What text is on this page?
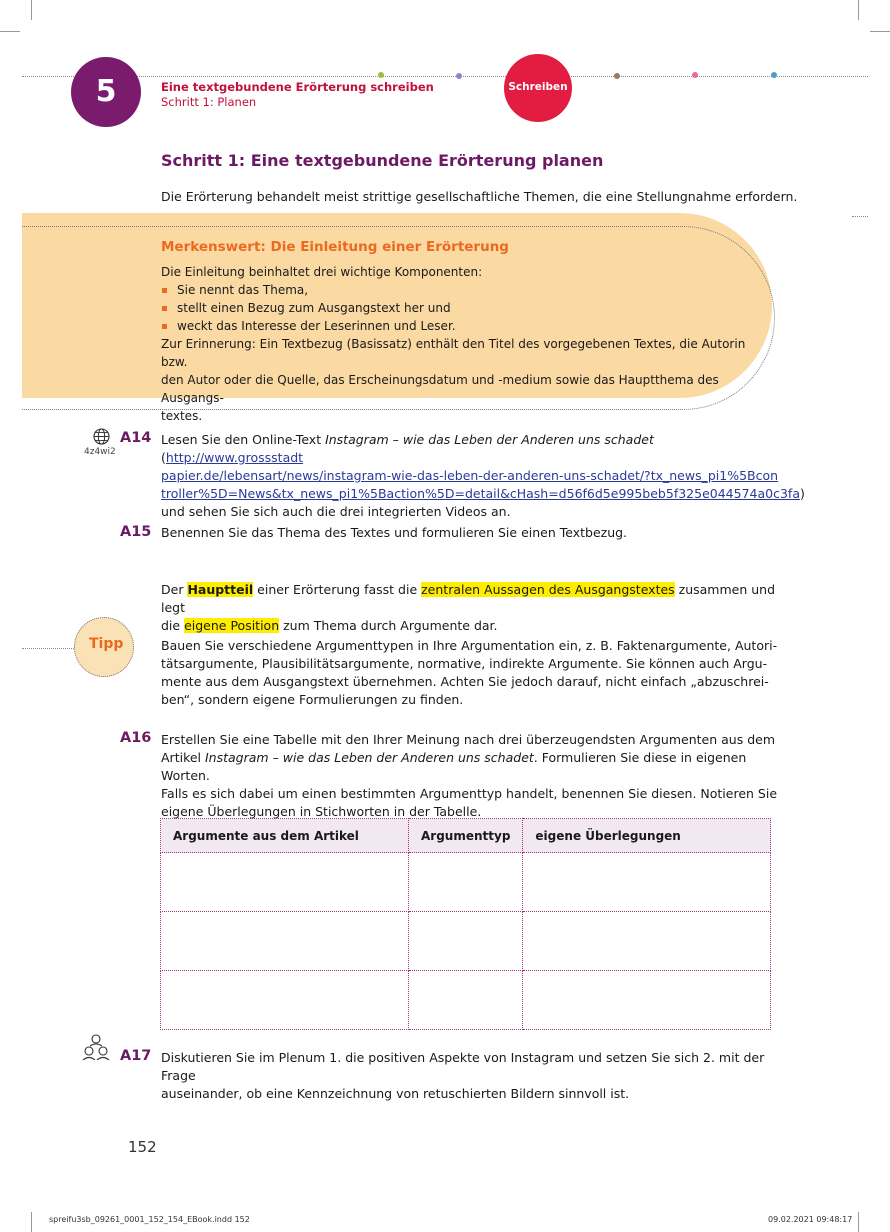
5	Eine textgebundene Erörterung schreiben
Schritt 1: Planen
Schreiben
Schritt 1: Eine textgebundene Erörterung planen
Die Erörterung behandelt meist strittige gesellschaftliche Themen, die eine Stellungnahme erfordern.
Merkenswert: Die Einleitung einer Erörterung
Die Einleitung beinhaltet drei wichtige Komponenten:
Sie nennt das Thema,
stellt einen Bezug zum Ausgangstext her und
weckt das Interesse der Leserinnen und Leser.
Zur Erinnerung: Ein Textbezug (Basissatz) enthält den Titel des vorgegebenen Textes, die Autorin bzw.
den Autor oder die Quelle, das Erscheinungsdatum und -medium sowie das Hauptthema des Ausgangs-
textes.
4z4wi2
A14 Lesen Sie den Online-Text Instagram – wie das Leben der Anderen uns schadet (http://www.grossstadt
papier.de/lebensart/news/instagram-wie-das-leben-der-anderen-uns-schadet/?tx_news_pi1%5Bcon
troller%5D=News&tx_news_pi1%5Baction%5D=detail&cHash=d56f6d5e995beb5f325e044574a0c3fa)
und sehen Sie sich auch die drei integrierten Videos an.
A15 Benennen Sie das Thema des Textes und formulieren Sie einen Textbezug.
Der Hauptteil einer Erörterung fasst die zentralen Aussagen des Ausgangstextes zusammen und legt
die eigene Position zum Thema durch Argumente dar.
Tipp	Bauen Sie verschiedene Argumenttypen in Ihre Argumentation ein, z. B. Faktenargumente, Autori-
tätsargumente, Plausibilitätsargumente, normative, indirekte Argumente. Sie können auch Argu-
mente aus dem Ausgangstext übernehmen. Achten Sie jedoch darauf, nicht einfach „abzuschrei-
ben“, sondern eigene Formulierungen zu finden.
A16 Erstellen Sie eine Tabelle mit den Ihrer Meinung nach drei überzeugendsten Argumenten aus dem
Artikel Instagram – wie das Leben der Anderen uns schadet. Formulieren Sie diese in eigenen Worten.
Falls es sich dabei um einen bestimmten Argumenttyp handelt, benennen Sie diesen. Notieren Sie
eigene Überlegungen in Stichworten in der Tabelle.
Argumente aus dem Artikel	Argumenttyp	eigene Überlegungen

A17 Diskutieren Sie im Plenum 1. die positiven Aspekte von Instagram und setzen Sie sich 2. mit der Frage
auseinander, ob eine Kennzeichnung von retuschierten Bildern sinnvoll ist.
152
spreifu3sb_09261_0001_152_154_EBook.indd 152	09.02.2021 09:48:17
